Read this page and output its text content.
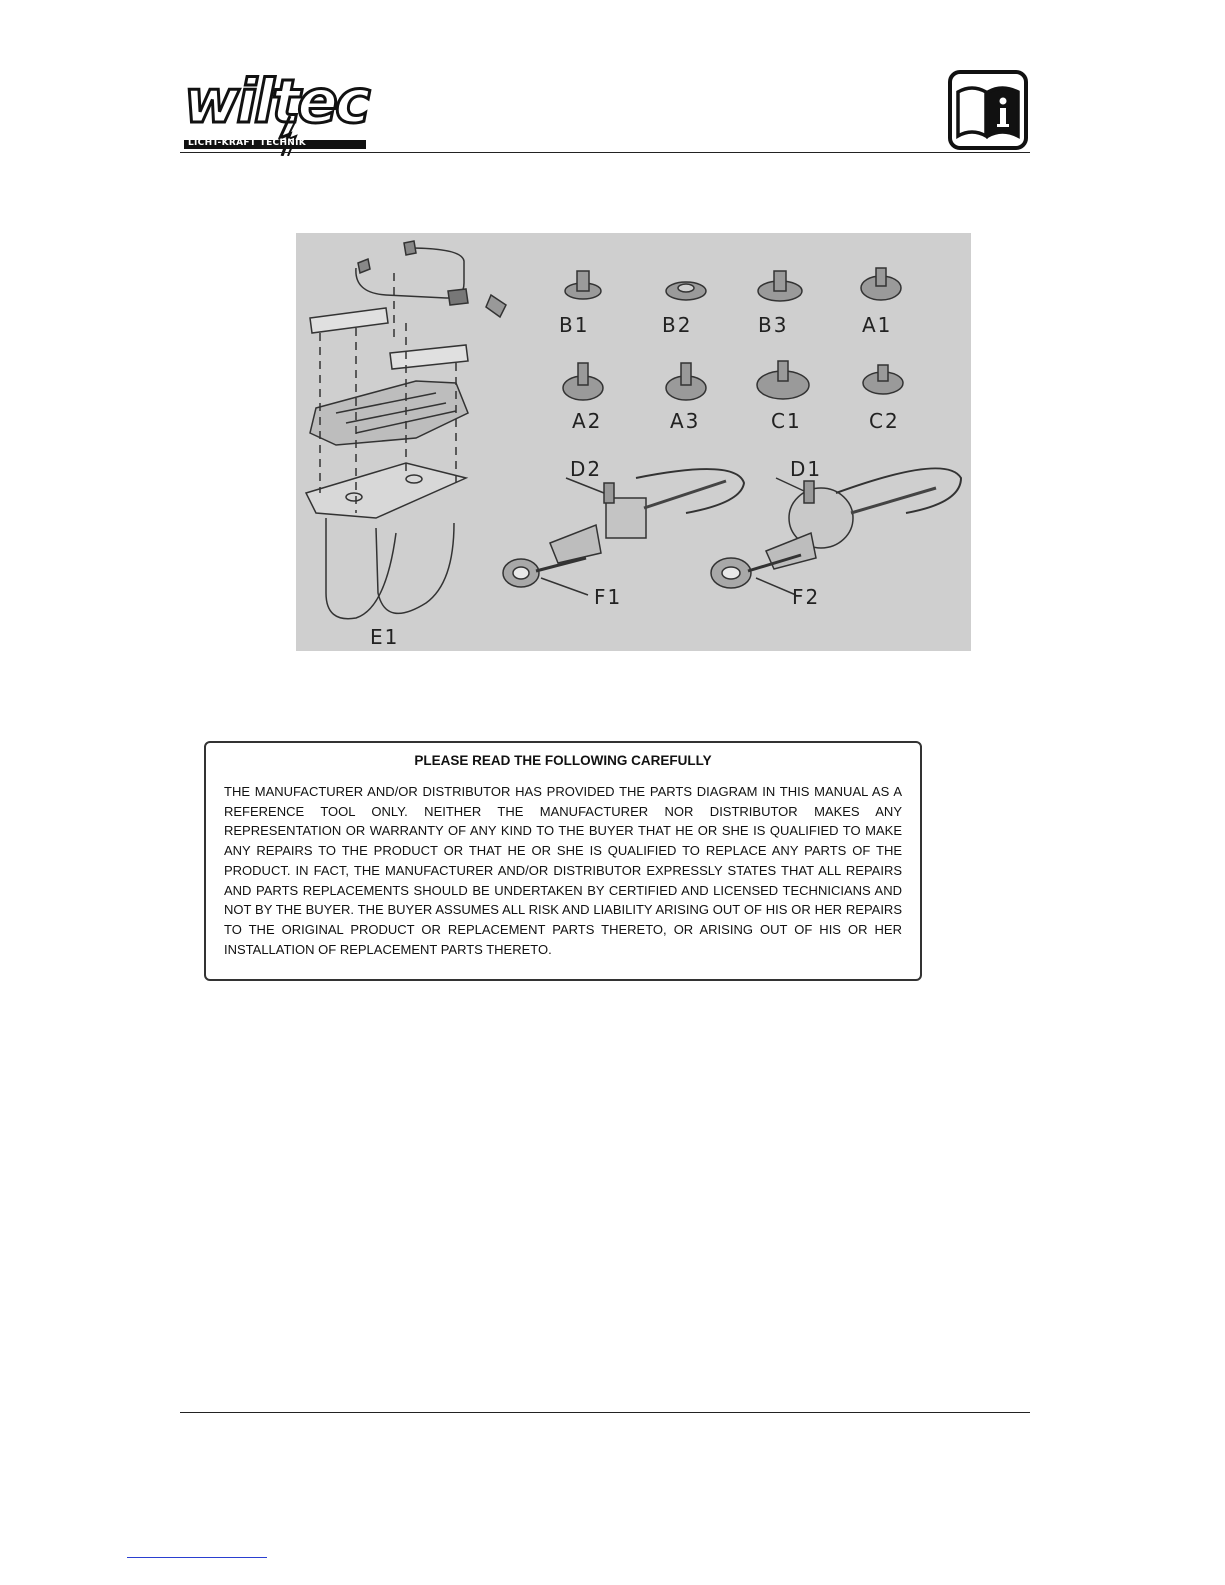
wiltec
LICHT-KRAFT TECHNIK
B1	B2	B3	A1
A2	A3	C1	C2
D2	D1
F1	F2
E1
PLEASE READ THE FOLLOWING CAREFULLY

THE MANUFACTURER AND/OR DISTRIBUTOR HAS PROVIDED THE PARTS DIAGRAM IN THIS MANUAL AS A REFERENCE TOOL ONLY. NEITHER THE MANUFACTURER NOR DISTRIBUTOR MAKES ANY REPRESENTATION OR WARRANTY OF ANY KIND TO THE BUYER THAT HE OR SHE IS QUALIFIED TO MAKE ANY REPAIRS TO THE PRODUCT OR THAT HE OR SHE IS QUALIFIED TO REPLACE ANY PARTS OF THE PRODUCT. IN FACT, THE MANUFACTURER AND/OR DISTRIBUTOR EXPRESSLY STATES THAT ALL REPAIRS AND PARTS REPLACEMENTS SHOULD BE UNDERTAKEN BY CERTIFIED AND LICENSED TECHNICIANS AND NOT BY THE BUYER. THE BUYER ASSUMES ALL RISK AND LIABILITY ARISING OUT OF HIS OR HER REPAIRS TO THE ORIGINAL PRODUCT OR REPLACEMENT PARTS THERETO, OR ARISING OUT OF HIS OR HER INSTALLATION OF REPLACEMENT PARTS THERETO.
